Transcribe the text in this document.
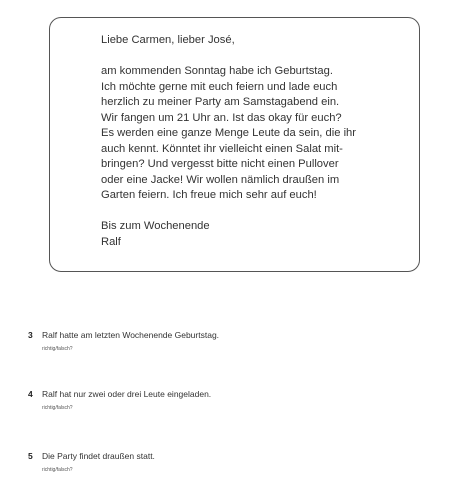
Liebe Carmen, lieber José,

am kommenden Sonntag habe ich Geburtstag.
Ich möchte gerne mit euch feiern und lade euch
herzlich zu meiner Party am Samstagabend ein.
Wir fangen um 21 Uhr an. Ist das okay für euch?
Es werden eine ganze Menge Leute da sein, die ihr
auch kennt. Könntet ihr vielleicht einen Salat mit-
bringen? Und vergesst bitte nicht einen Pullover
oder eine Jacke! Wir wollen nämlich draußen im
Garten feiern. Ich freue mich sehr auf euch!

Bis zum Wochenende
Ralf

3 Ralf hatte am letzten Wochenende Geburtstag.
richtig/falsch?
4 Ralf hat nur zwei oder drei Leute eingeladen.
richtig/falsch?
5 Die Party findet draußen statt.
richtig/falsch?
